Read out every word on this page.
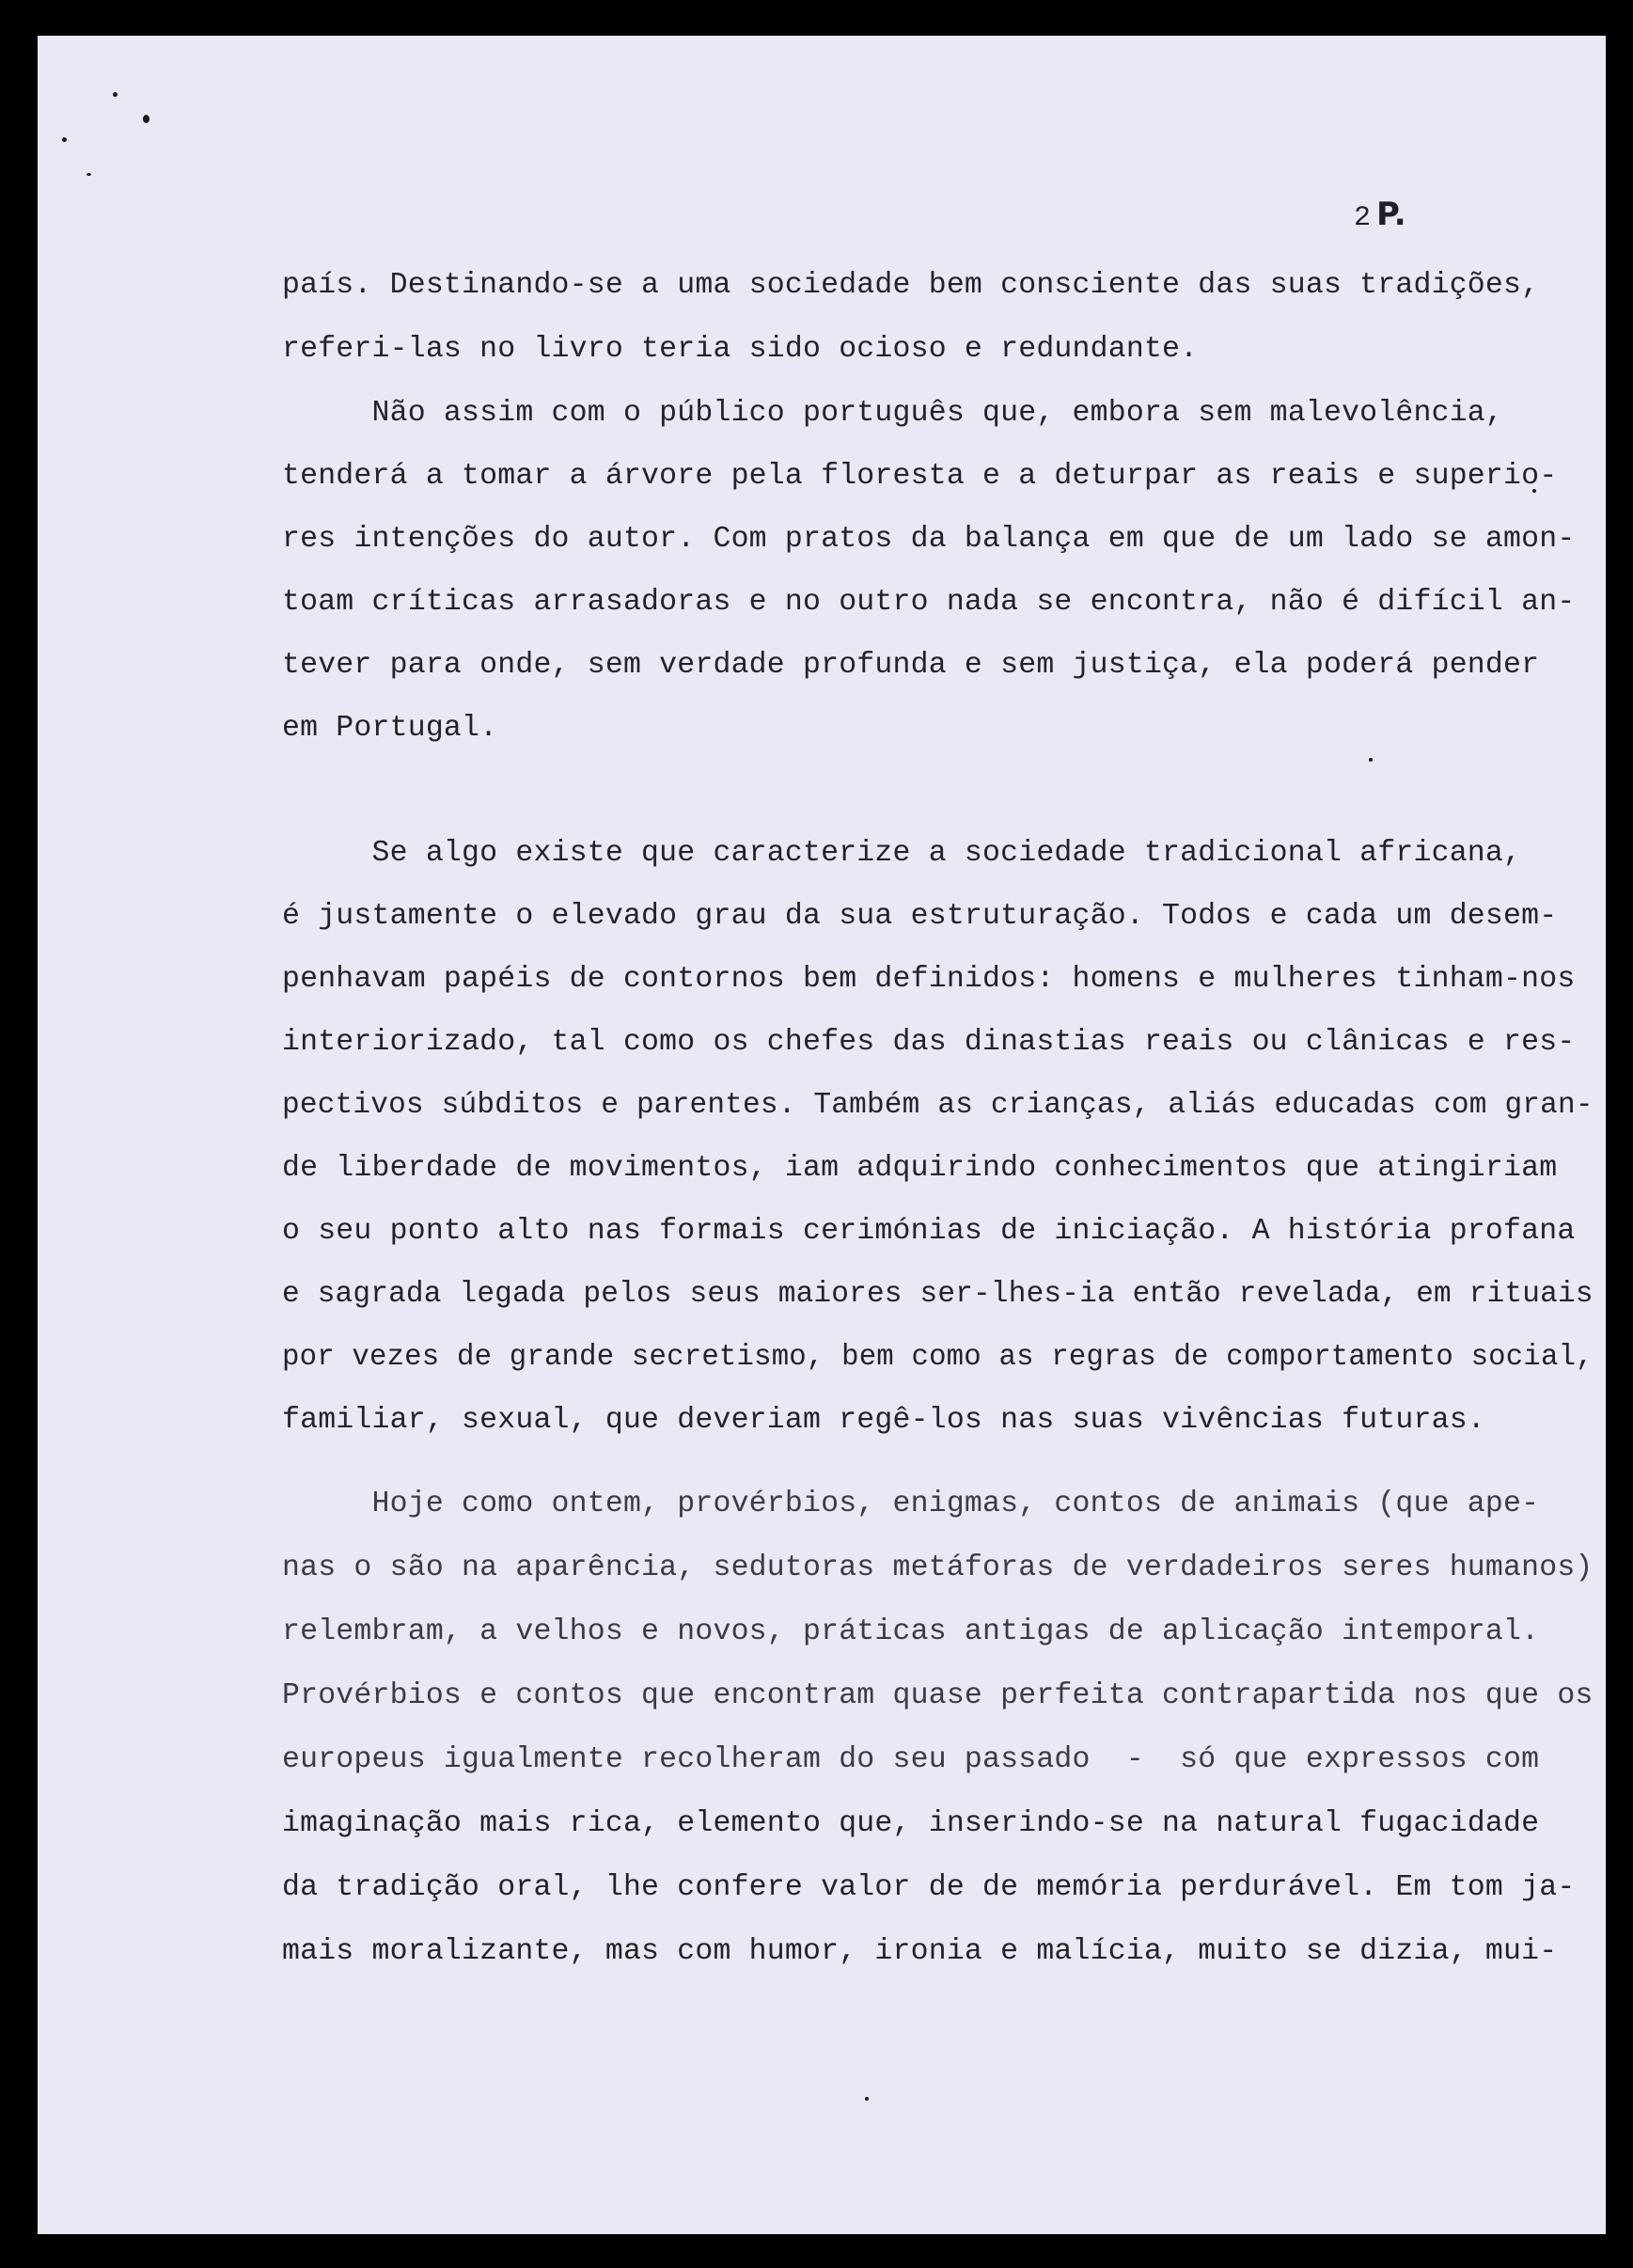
2 P.
país. Destinando-se a uma sociedade bem consciente das suas tradições,
referi-las no livro teria sido ocioso e redundante.
Não assim com o público português que, embora sem malevolência,
tenderá a tomar a árvore pela floresta e a deturpar as reais e superio-
res intenções do autor. Com pratos da balança em que de um lado se amon-
toam críticas arrasadoras e no outro nada se encontra, não é difícil an-
tever para onde, sem verdade profunda e sem justiça, ela poderá pender
em Portugal.
Se algo existe que caracterize a sociedade tradicional africana,
é justamente o elevado grau da sua estruturação. Todos e cada um desem-
penhavam papéis de contornos bem definidos: homens e mulheres tinham-nos
interiorizado, tal como os chefes das dinastias reais ou clânicas e res-
pectivos súbditos e parentes. Também as crianças, aliás educadas com gran-
de liberdade de movimentos, iam adquirindo conhecimentos que atingiriam
o seu ponto alto nas formais cerimónias de iniciação. A história profana
e sagrada legada pelos seus maiores ser-lhes-ia então revelada, em rituais
por vezes de grande secretismo, bem como as regras de comportamento social,
familiar, sexual, que deveriam regê-los nas suas vivências futuras.
Hoje como ontem, provérbios, enigmas, contos de animais (que ape-
nas o são na aparência, sedutoras metáforas de verdadeiros seres humanos)
relembram, a velhos e novos, práticas antigas de aplicação intemporal.
Provérbios e contos que encontram quase perfeita contrapartida nos que os
europeus igualmente recolheram do seu passado  -  só que expressos com
imaginação mais rica, elemento que, inserindo-se na natural fugacidade
da tradição oral, lhe confere valor de de memória perdurável. Em tom ja-
mais moralizante, mas com humor, ironia e malícia, muito se dizia, mui-
